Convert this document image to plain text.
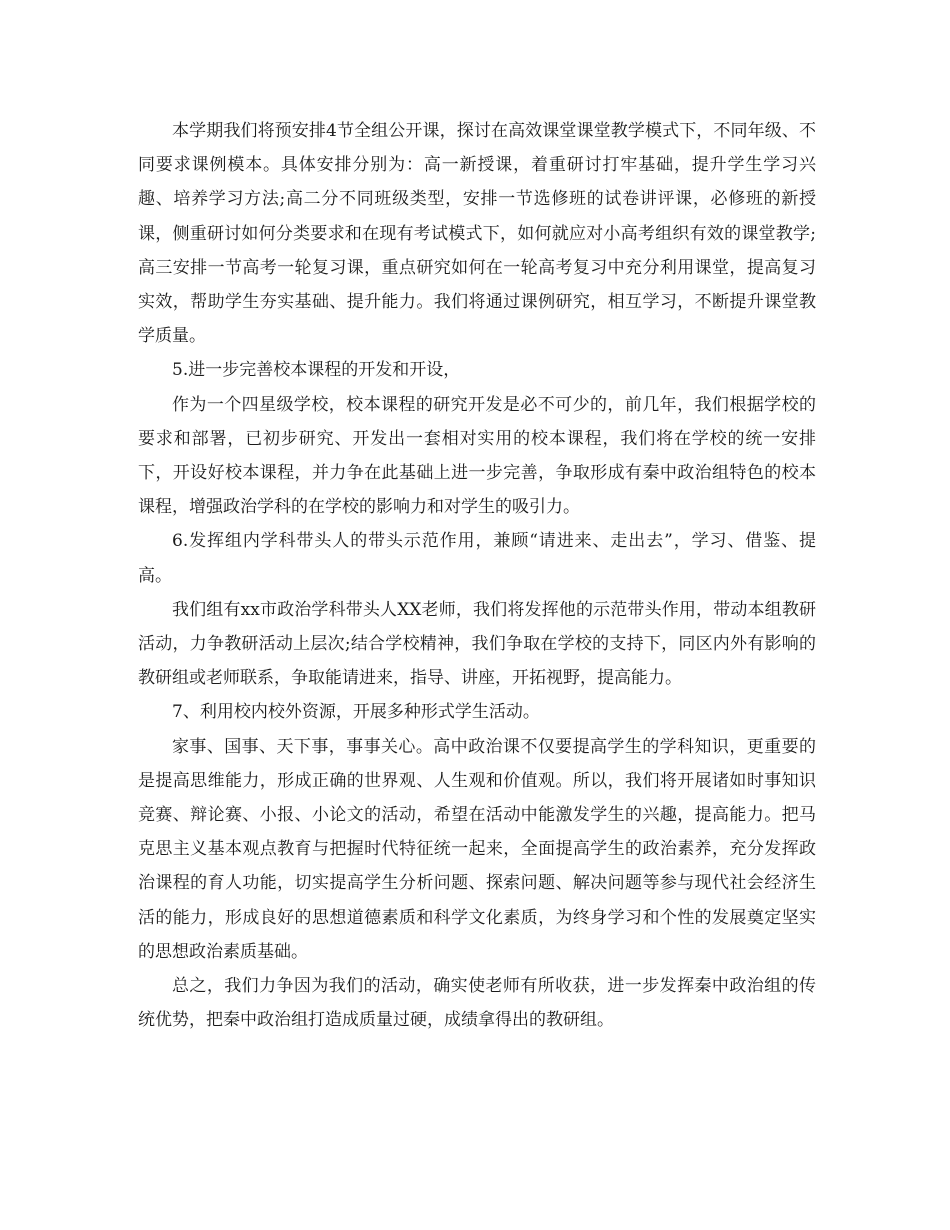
本学期我们将预安排4节全组公开课，探讨在高效课堂课堂教学模式下，不同年级、不同要求课例模本。具体安排分别为：高一新授课，着重研讨打牢基础，提升学生学习兴趣、培养学习方法;高二分不同班级类型，安排一节选修班的试卷讲评课，必修班的新授课，侧重研讨如何分类要求和在现有考试模式下，如何就应对小高考组织有效的课堂教学;高三安排一节高考一轮复习课，重点研究如何在一轮高考复习中充分利用课堂，提高复习实效，帮助学生夯实基础、提升能力。我们将通过课例研究，相互学习，不断提升课堂教学质量。

5.进一步完善校本课程的开发和开设，

作为一个四星级学校，校本课程的研究开发是必不可少的，前几年，我们根据学校的要求和部署，已初步研究、开发出一套相对实用的校本课程，我们将在学校的统一安排下，开设好校本课程，并力争在此基础上进一步完善，争取形成有秦中政治组特色的校本课程，增强政治学科的在学校的影响力和对学生的吸引力。

6.发挥组内学科带头人的带头示范作用，兼顾“请进来、走出去”，学习、借鉴、提高。

我们组有xx市政治学科带头人XX老师，我们将发挥他的示范带头作用，带动本组教研活动，力争教研活动上层次;结合学校精神，我们争取在学校的支持下，同区内外有影响的教研组或老师联系，争取能请进来，指导、讲座，开拓视野，提高能力。

7、利用校内校外资源，开展多种形式学生活动。

家事、国事、天下事，事事关心。高中政治课不仅要提高学生的学科知识，更重要的是提高思维能力，形成正确的世界观、人生观和价值观。所以，我们将开展诸如时事知识竞赛、辩论赛、小报、小论文的活动，希望在活动中能激发学生的兴趣，提高能力。把马克思主义基本观点教育与把握时代特征统一起来，全面提高学生的政治素养，充分发挥政治课程的育人功能，切实提高学生分析问题、探索问题、解决问题等参与现代社会经济生活的能力，形成良好的思想道德素质和科学文化素质，为终身学习和个性的发展奠定坚实的思想政治素质基础。

总之，我们力争因为我们的活动，确实使老师有所收获，进一步发挥秦中政治组的传统优势，把秦中政治组打造成质量过硬，成绩拿得出的教研组。
